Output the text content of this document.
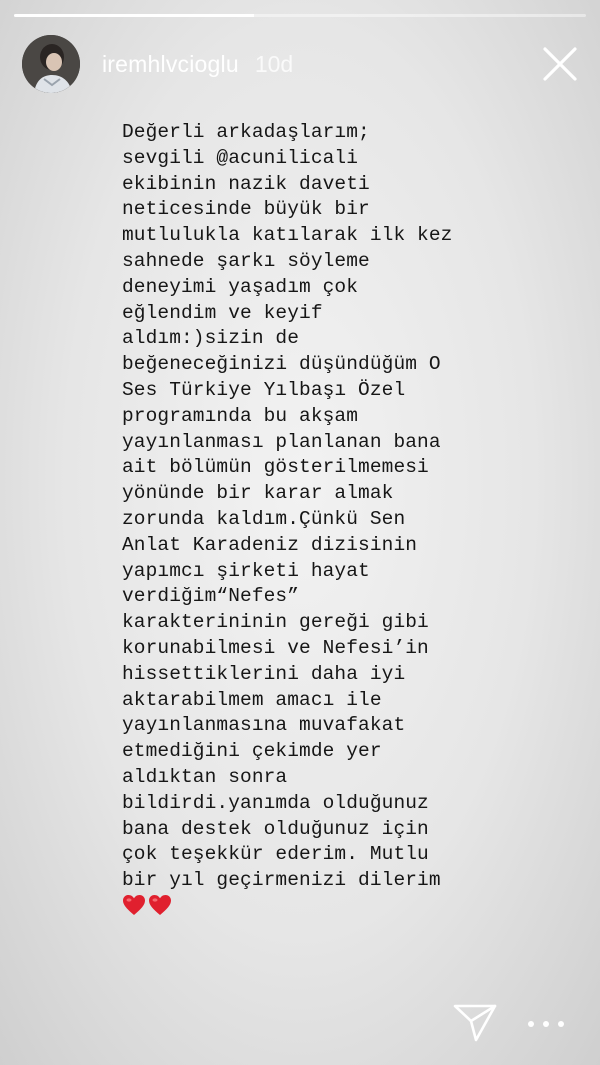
iremhlvcioglu 10d
Değerli arkadaşlarım;
sevgili @acunilicali
ekibinin nazik daveti
neticesinde büyük bir
mutlulukla katılarak ilk kez
sahnede şarkı söyleme
deneyimi yaşadım çok
eğlendim ve keyif
aldım:)sizin de
beğeneceğinizi düşündüğüm O
Ses Türkiye Yılbaşı Özel
programında bu akşam
yayınlanması planlanan bana
ait bölümün gösterilmemesi
yönünde bir karar almak
zorunda kaldım.Çünkü Sen
Anlat Karadeniz dizisinin
yapımcı şirketi hayat
verdiğim“Nefes”
karakterininin gereği gibi
korunabilmesi ve Nefesi’in
hissettiklerini daha iyi
aktarabilmem amacı ile
yayınlanmasına muvafakat
etmediğini çekimde yer
aldıktan sonra
bildirdi.yanımda olduğunuz
bana destek olduğunuz için
çok teşekkür ederim. Mutlu
bir yıl geçirmenizi dilerim
